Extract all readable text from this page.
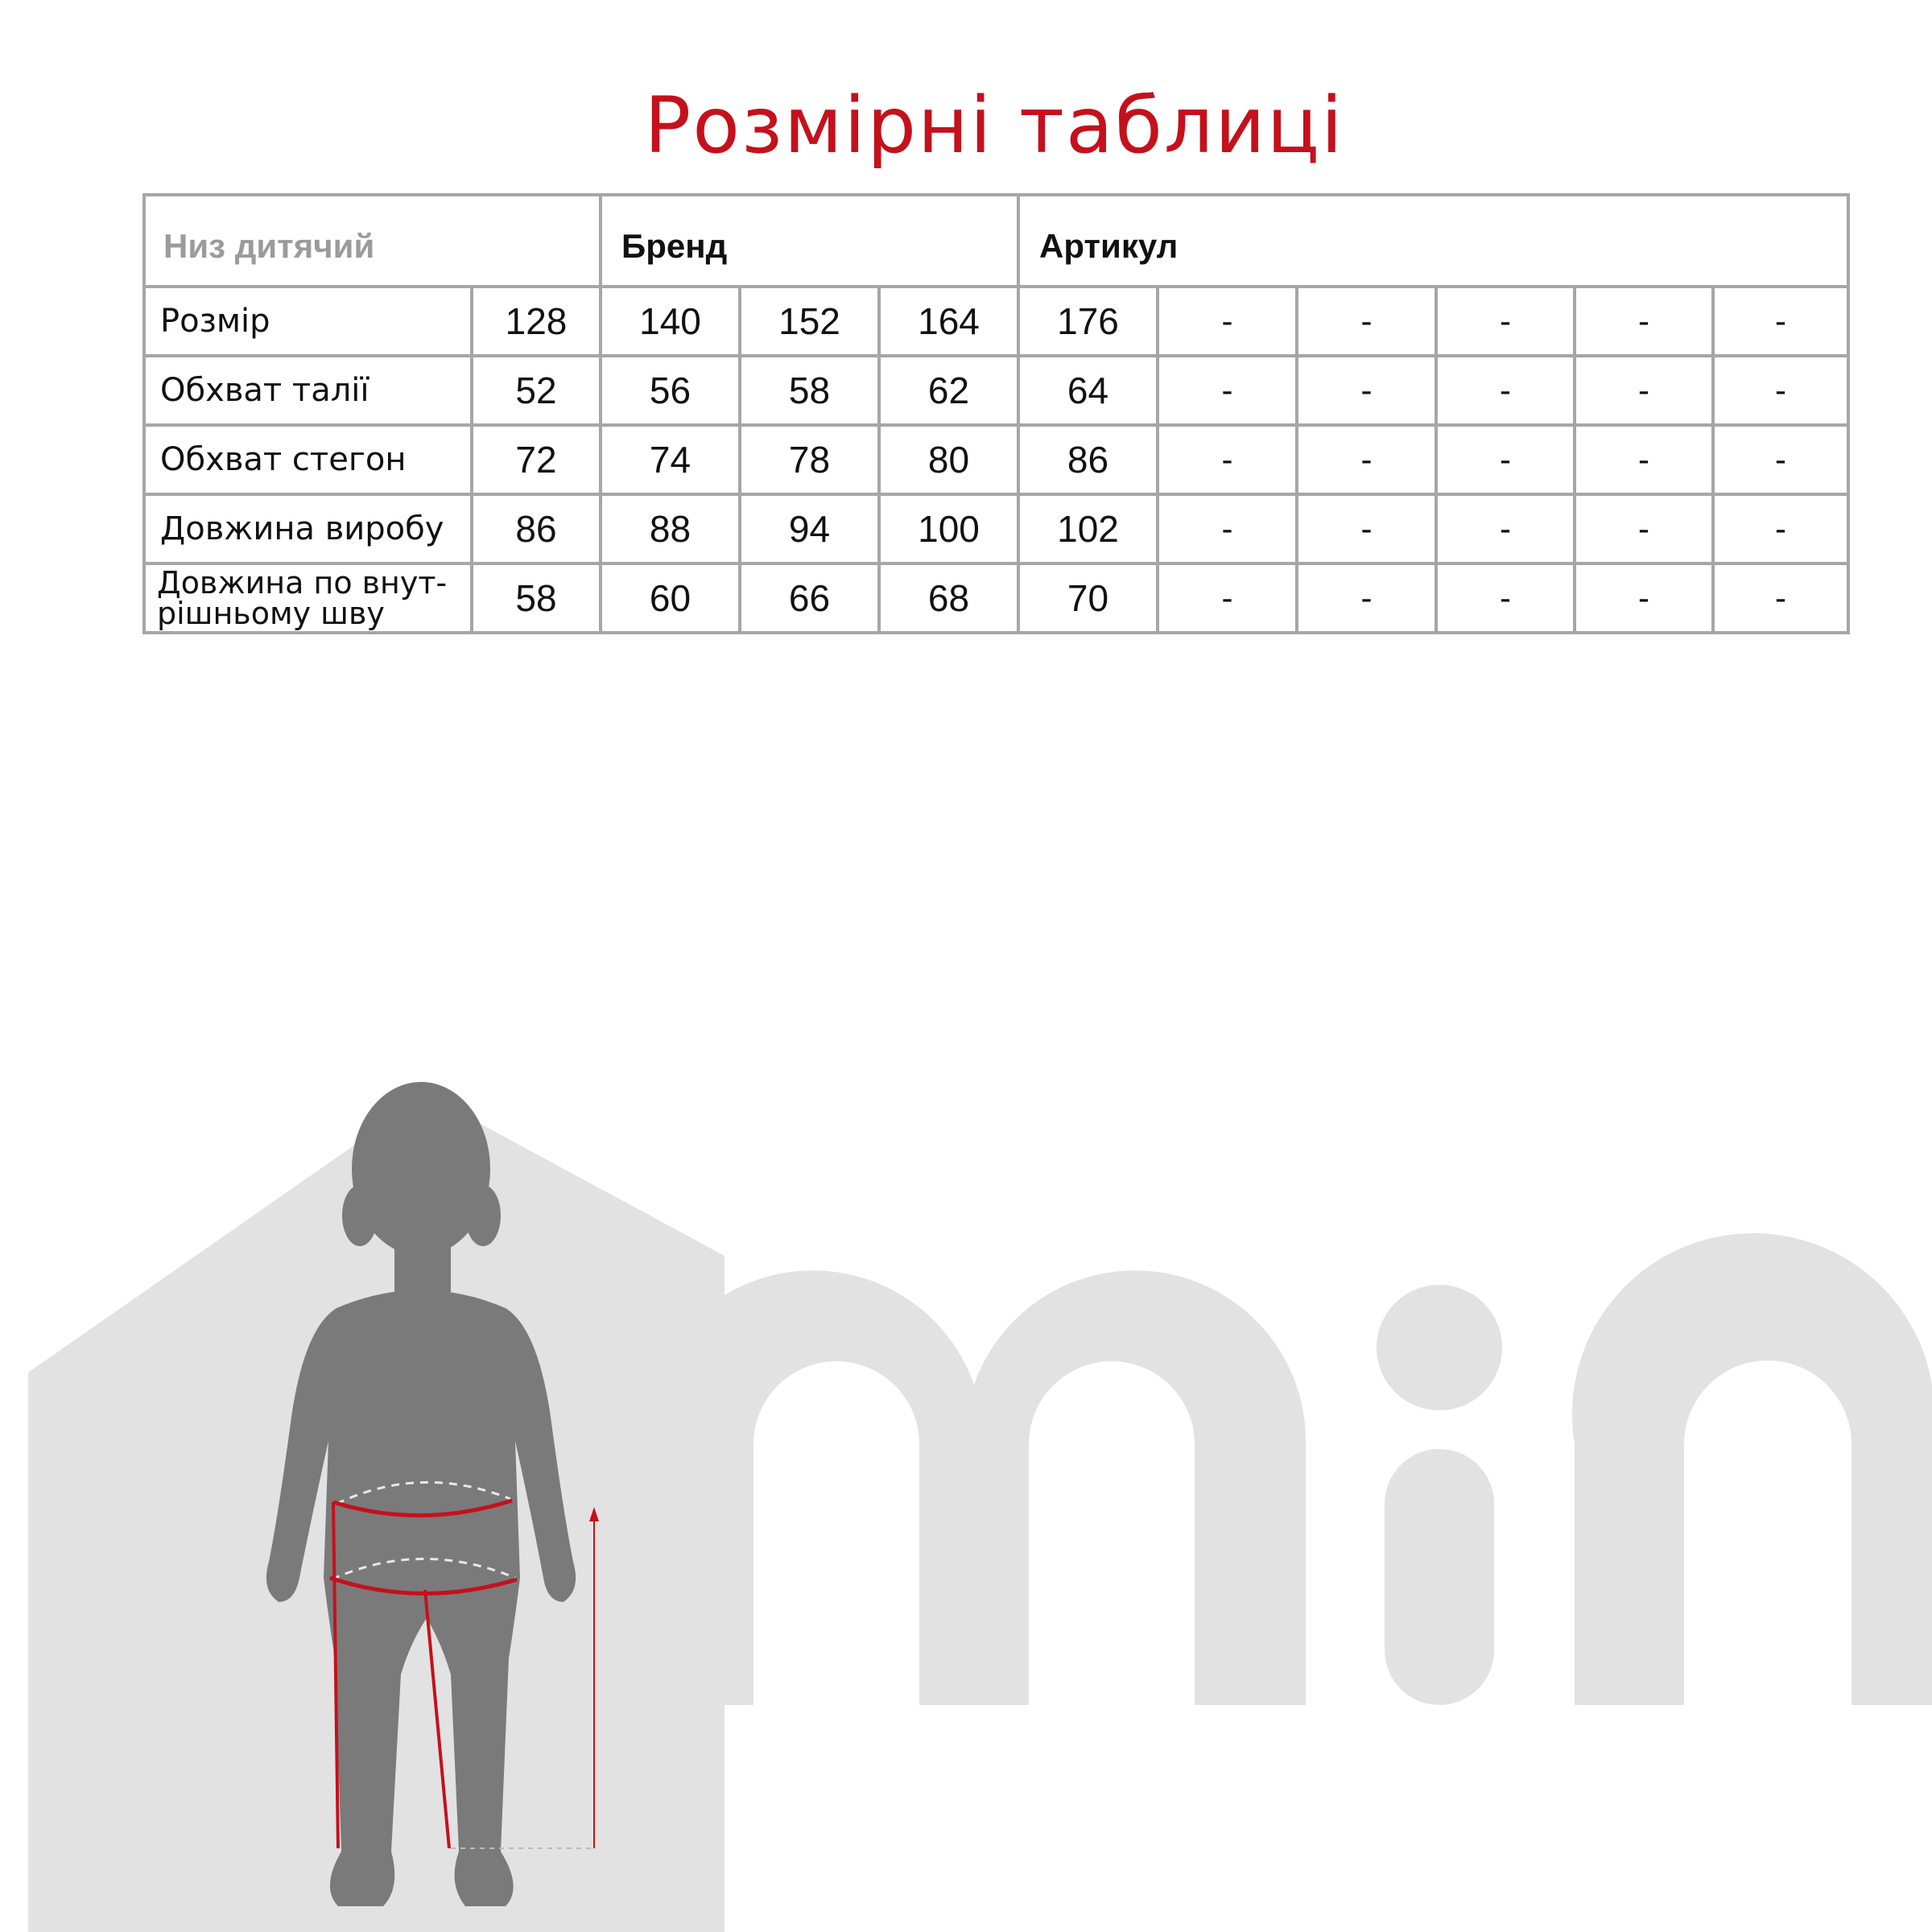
Розмірні таблиці
Низ дитячий		Бренд			Артикул					
Розмір	128	140	152	164	176	-	-	-	-	-
Обхват талії	52	56	58	62	64	-	-	-	-	-
Обхват стегон	72	74	78	80	86	-	-	-	-	-
Довжина виробу	86	88	94	100	102	-	-	-	-	-
Довжина по внут-
рішньому шву	58	60	66	68	70	-	-	-	-	-
